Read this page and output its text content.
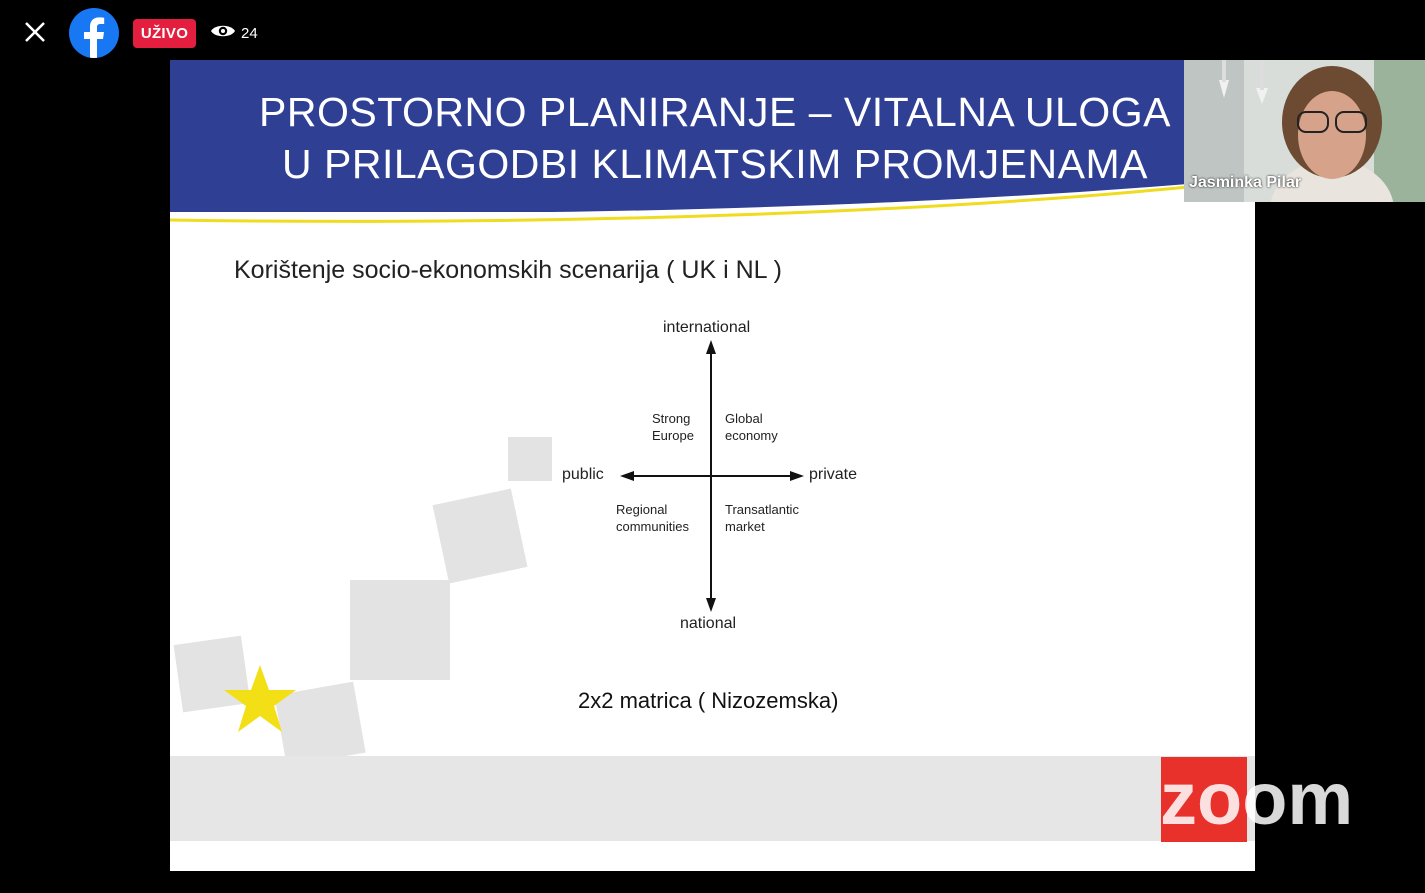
UŽIVO	24
PROSTORNO PLANIRANJE – VITALNA ULOGA
U PRILAGODBI KLIMATSKIM PROMJENAMA
Korištenje socio-ekonomskih scenarija ( UK i NL )
international
national
public	private
Strong
Europe
Global
economy
Regional
communities
Transatlantic
market
2x2 matrica ( Nizozemska)
Jasminka Pilar
zoom
